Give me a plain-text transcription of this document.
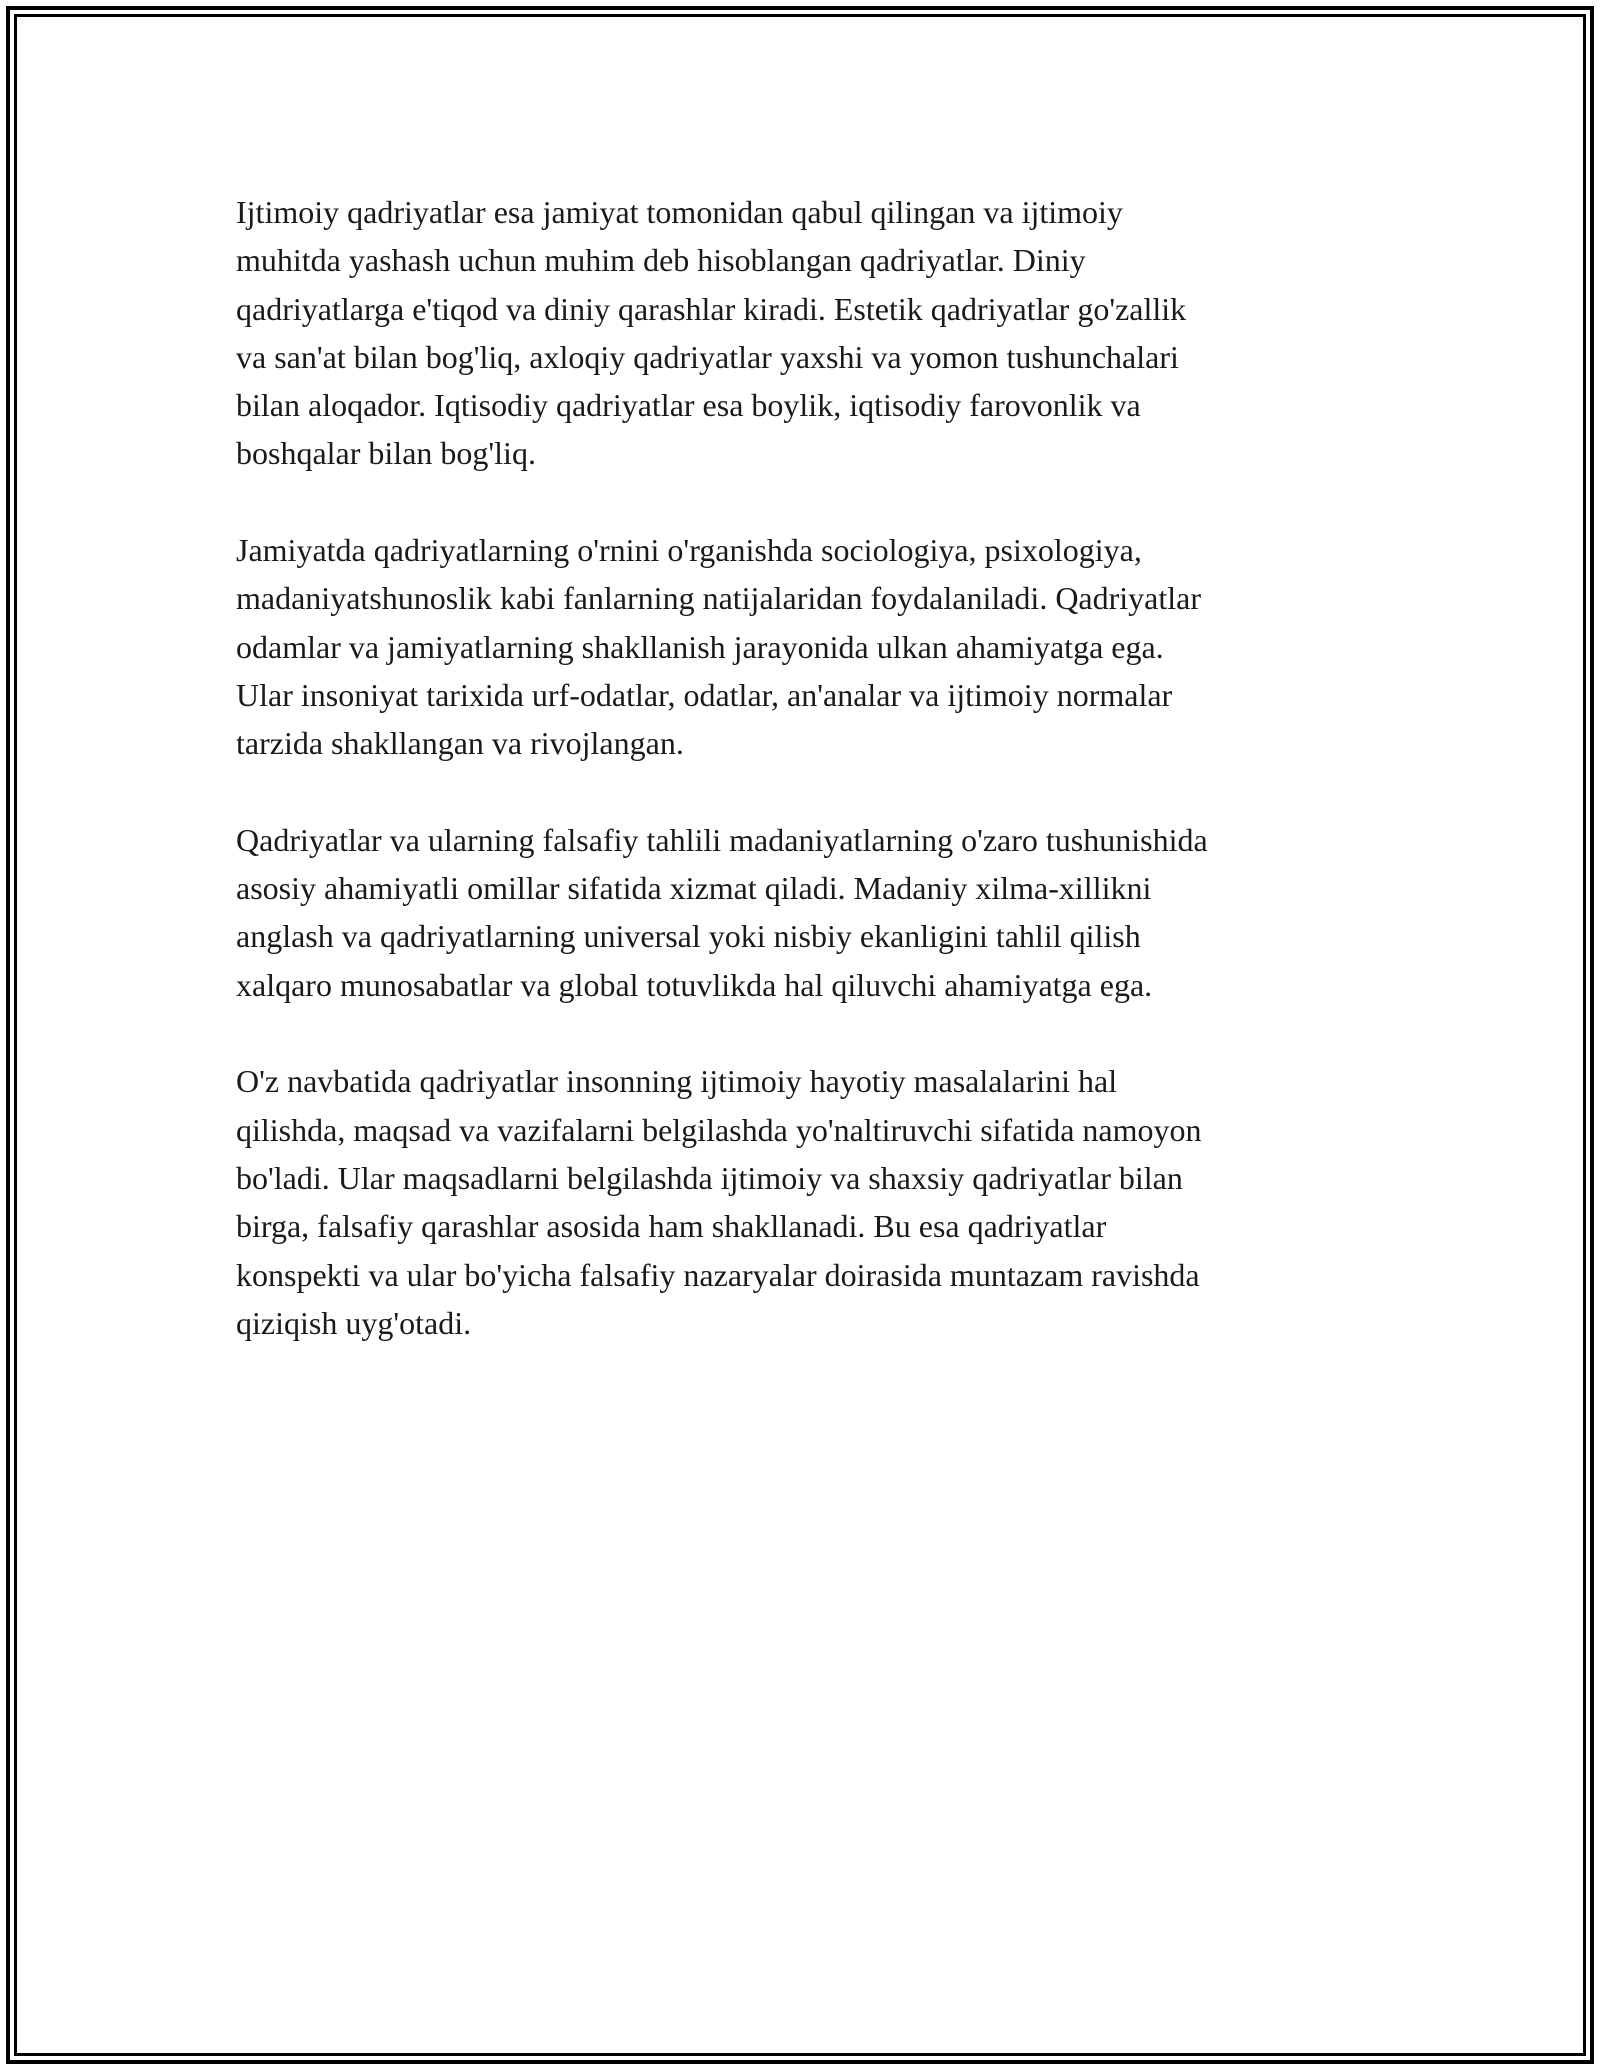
Ijtimoiy qadriyatlar esa jamiyat tomonidan qabul qilingan va ijtimoiy
muhitda yashash uchun muhim deb hisoblangan qadriyatlar. Diniy
qadriyatlarga e'tiqod va diniy qarashlar kiradi. Estetik qadriyatlar go'zallik
va san'at bilan bog'liq, axloqiy qadriyatlar yaxshi va yomon tushunchalari
bilan aloqador. Iqtisodiy qadriyatlar esa boylik, iqtisodiy farovonlik va
boshqalar bilan bog'liq.

Jamiyatda qadriyatlarning o'rnini o'rganishda sociologiya, psixologiya,
madaniyatshunoslik kabi fanlarning natijalaridan foydalaniladi. Qadriyatlar
odamlar va jamiyatlarning shakllanish jarayonida ulkan ahamiyatga ega.
Ular insoniyat tarixida urf-odatlar, odatlar, an'analar va ijtimoiy normalar
tarzida shakllangan va rivojlangan.

Qadriyatlar va ularning falsafiy tahlili madaniyatlarning o'zaro tushunishida
asosiy ahamiyatli omillar sifatida xizmat qiladi. Madaniy xilma-xillikni
anglash va qadriyatlarning universal yoki nisbiy ekanligini tahlil qilish
xalqaro munosabatlar va global totuvlikda hal qiluvchi ahamiyatga ega.

O'z navbatida qadriyatlar insonning ijtimoiy hayotiy masalalarini hal
qilishda, maqsad va vazifalarni belgilashda yo'naltiruvchi sifatida namoyon
bo'ladi. Ular maqsadlarni belgilashda ijtimoiy va shaxsiy qadriyatlar bilan
birga, falsafiy qarashlar asosida ham shakllanadi. Bu esa qadriyatlar
konspekti va ular bo'yicha falsafiy nazaryalar doirasida muntazam ravishda
qiziqish uyg'otadi.
